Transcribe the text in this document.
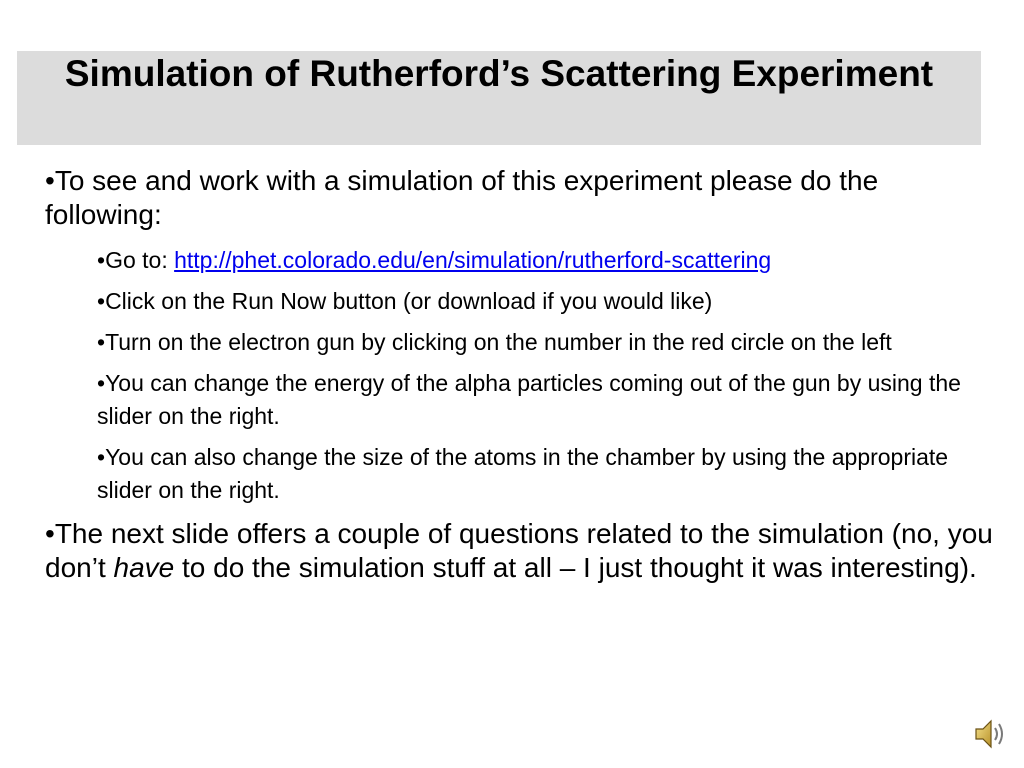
Simulation of Rutherford’s Scattering Experiment

•To see and work with a simulation of this experiment please do the following:

•Go to: http://phet.colorado.edu/en/simulation/rutherford-scattering

•Click on the Run Now button (or download if you would like)

•Turn on the electron gun by clicking on the number in the red circle on the left

•You can change the energy of the alpha particles coming out of the gun by using the slider on the right.

•You can also change the size of the atoms in the chamber by using the appropriate slider on the right.

•The next slide offers a couple of questions related to the simulation (no, you don’t have to do the simulation stuff at all – I just thought it was interesting).
